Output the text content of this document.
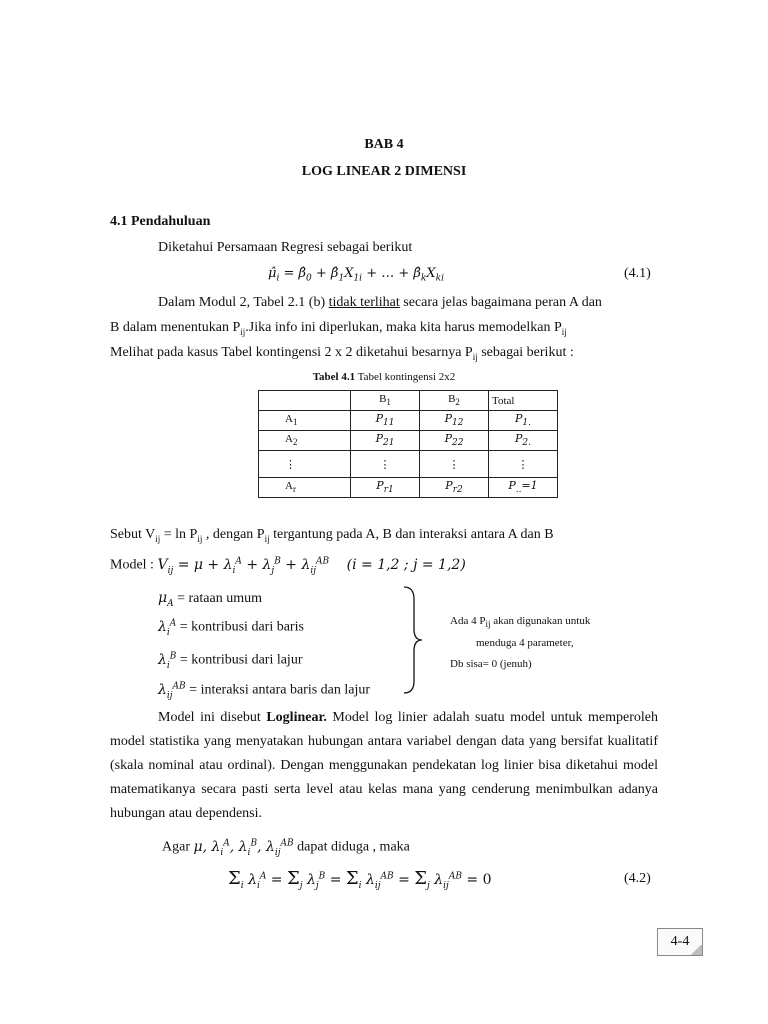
BAB 4
LOG LINEAR 2 DIMENSI
4.1 Pendahuluan
Diketahui Persamaan Regresi sebagai berikut
$\mû_i$ = $\betâ_0$ + $\betâ_1X_{1i}$ + … + $\betâ_kX_{ki}$	(4.1)
Dalam Modul 2, Tabel 2.1 (b) tidak terlihat secara jelas bagaimana peran A dan
B dalam menentukan $P_{ij}.Jika$ info ini diperlukan, maka kita harus memodelkan $P_{ij}$
Melihat pada kasus Tabel kontingensi 2 x 2 diketahui besarnya $P_{ij}$ sebagai berikut :
Tabel 4.1 Tabel kontingensi 2x2
	$B_1$	$B_2$	Total
$A_1$	$P_{11}$	$P_{12}$	$P_{1.}$
$A_2$	$P_{21}$	$P_{22}$	$P_{2.}$
⋮	⋮	⋮	⋮
$A_r$	$P_{r1}$	$P_{r2}$	$P_{..}=1$
Sebut $V_{ij} = \ln P_{ij}$ , dengan $P_{ij}$ tergantung pada A, B dan interaksi antara A dan B
Model : $V_{ij} = \mu + \lambda_i^A + \lambda_j^B + \lambda_{ij}^{AB}$ (i = 1,2 ; j = 1,2)
$\mu_A$ = rataan umum
$\lambda_i^A$ = kontribusi dari baris
$\lambda_i^B$ = kontribusi dari lajur
$\lambda_{ij}^{AB}$ = interaksi antara baris dan lajur
Ada 4 $P_{ij}$ akan digunakan untuk
menduga 4 parameter,
Db sisa= 0 (jenuh)
Model ini disebut Loglinear. Model log linier adalah suatu model untuk memperoleh model statistika yang menyatakan hubungan antara variabel dengan data yang bersifat kualitatif (skala nominal atau ordinal). Dengan menggunakan pendekatan log linier bisa diketahui model matematikanya secara pasti serta level atau kelas mana yang cenderung menimbulkan adanya hubungan atau dependensi.
Agar μ, $\lambda_i^A$, $\lambda_i^B$, $\lambda_{ij}^{AB}$ dapat diduga , maka
$\Sigma_i$ $\lambda_i^A = \Sigma_j$ $\lambda_j^B = \Sigma_i$ $\lambda_{ij}^{AB} = \Sigma_j$ $\lambda_{ij}^{AB} = 0$	(4.2)
4-4
